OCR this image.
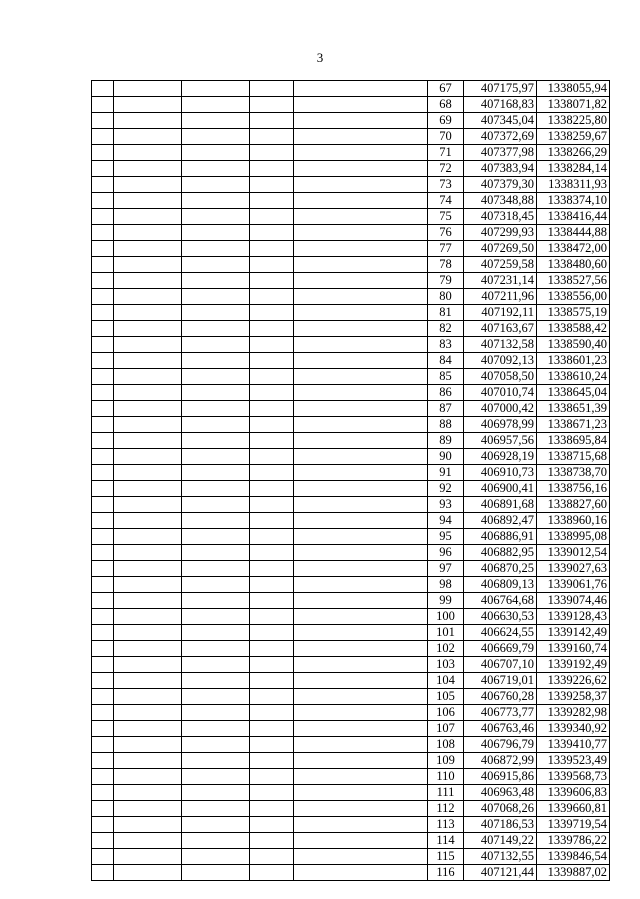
3
					67	407175,97	1338055,94
					68	407168,83	1338071,82
					69	407345,04	1338225,80
					70	407372,69	1338259,67
					71	407377,98	1338266,29
					72	407383,94	1338284,14
					73	407379,30	1338311,93
					74	407348,88	1338374,10
					75	407318,45	1338416,44
					76	407299,93	1338444,88
					77	407269,50	1338472,00
					78	407259,58	1338480,60
					79	407231,14	1338527,56
					80	407211,96	1338556,00
					81	407192,11	1338575,19
					82	407163,67	1338588,42
					83	407132,58	1338590,40
					84	407092,13	1338601,23
					85	407058,50	1338610,24
					86	407010,74	1338645,04
					87	407000,42	1338651,39
					88	406978,99	1338671,23
					89	406957,56	1338695,84
					90	406928,19	1338715,68
					91	406910,73	1338738,70
					92	406900,41	1338756,16
					93	406891,68	1338827,60
					94	406892,47	1338960,16
					95	406886,91	1338995,08
					96	406882,95	1339012,54
					97	406870,25	1339027,63
					98	406809,13	1339061,76
					99	406764,68	1339074,46
					100	406630,53	1339128,43
					101	406624,55	1339142,49
					102	406669,79	1339160,74
					103	406707,10	1339192,49
					104	406719,01	1339226,62
					105	406760,28	1339258,37
					106	406773,77	1339282,98
					107	406763,46	1339340,92
					108	406796,79	1339410,77
					109	406872,99	1339523,49
					110	406915,86	1339568,73
					111	406963,48	1339606,83
					112	407068,26	1339660,81
					113	407186,53	1339719,54
					114	407149,22	1339786,22
					115	407132,55	1339846,54
					116	407121,44	1339887,02
